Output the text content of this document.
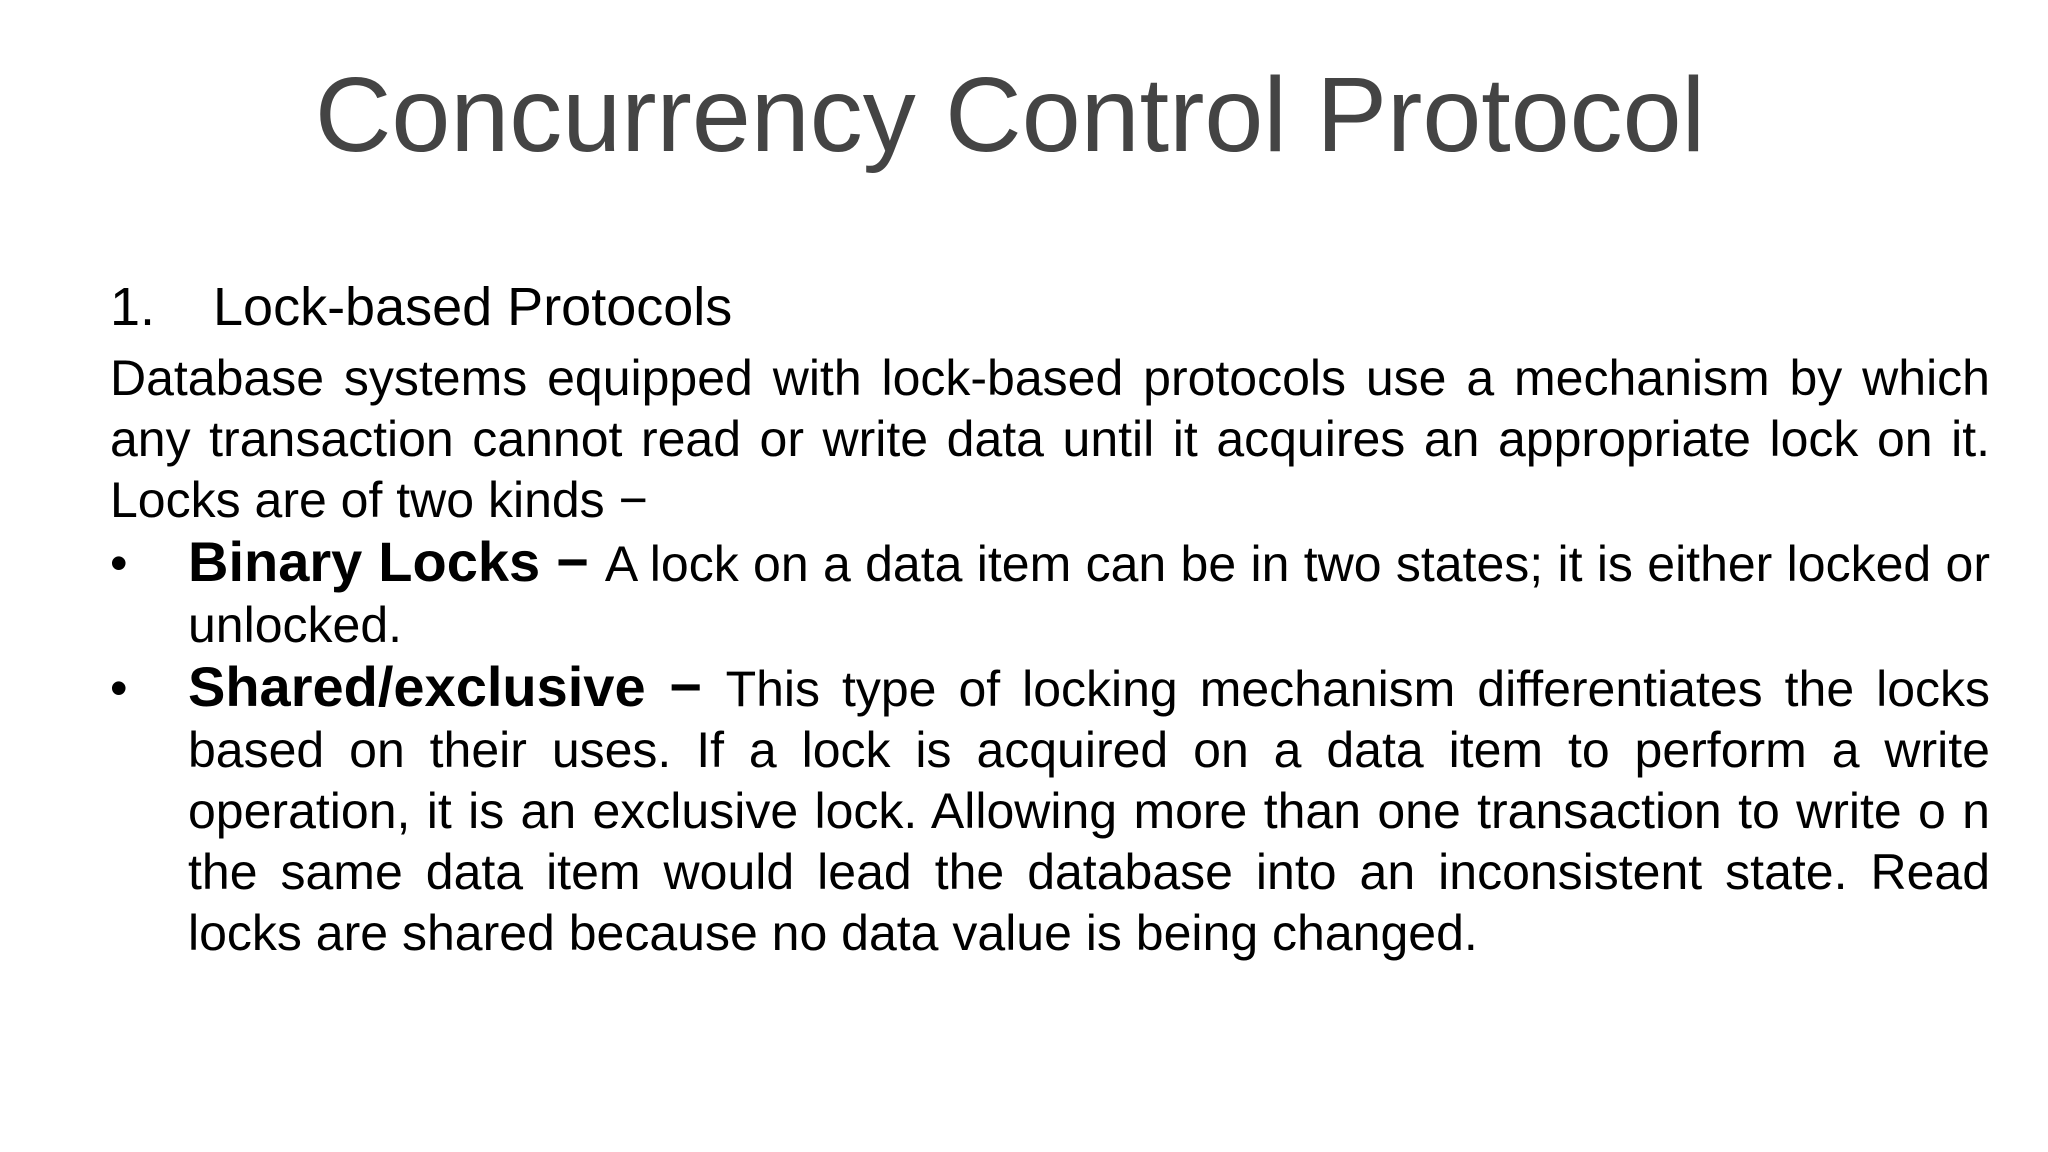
Concurrency Control Protocol
1.	Lock-based Protocols

Database systems equipped with lock-based protocols use a mechanism by which any transaction cannot read or write data until it acquires an appropriate lock on it. Locks are of two kinds −

•	Binary Locks − A lock on a data item can be in two states; it is either locked or unlocked.
•	Shared/exclusive − This type of locking mechanism differentiates the locks based on their uses. If a lock is acquired on a data item to perform a write operation, it is an exclusive lock. Allowing more than one transaction to write o n the same data item would lead the database into an inconsistent state. Read locks are shared because no data value is being changed.
